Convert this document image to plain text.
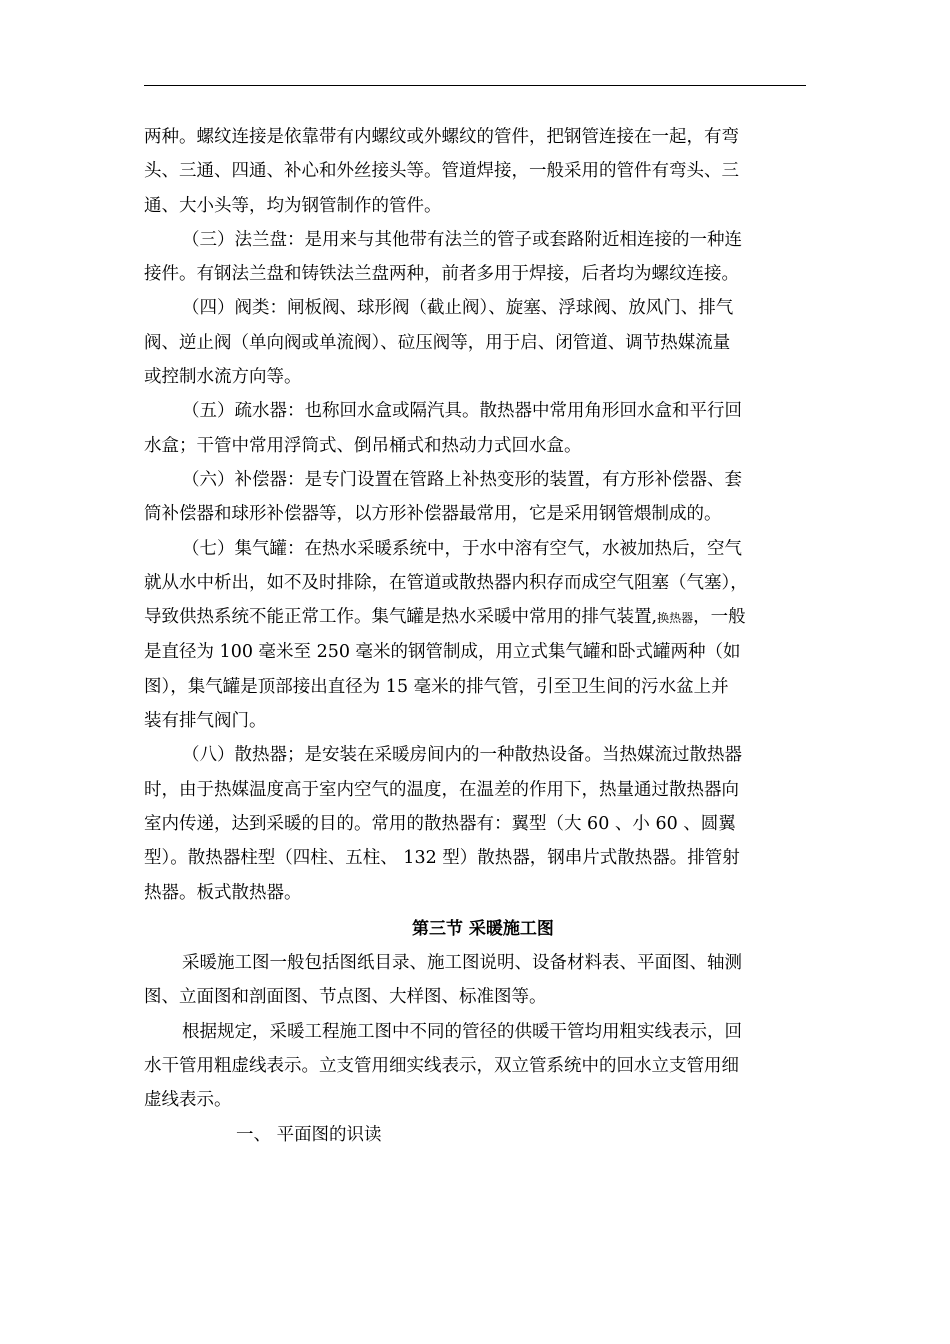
两种。螺纹连接是依靠带有内螺纹或外螺纹的管件，把钢管连接在一起，有弯

头、三通、四通、补心和外丝接头等。管道焊接，一般采用的管件有弯头、三

通、大小头等，均为钢管制作的管件。

（三）法兰盘：是用来与其他带有法兰的管子或套路附近相连接的一种连

接件。有钢法兰盘和铸铁法兰盘两种，前者多用于焊接，后者均为螺纹连接。

（四）阀类：闸板阀、球形阀（截止阀）、旋塞、浮球阀、放风门、排气

阀、逆止阀（单向阀或单流阀）、砬压阀等，用于启、闭管道、调节热媒流量

或控制水流方向等。

（五）疏水器：也称回水盒或隔汽具。散热器中常用角形回水盒和平行回

水盒；干管中常用浮筒式、倒吊桶式和热动力式回水盒。

（六）补偿器：是专门设置在管路上补热变形的装置，有方形补偿器、套

筒补偿器和球形补偿器等，以方形补偿器最常用，它是采用钢管煨制成的。

（七）集气罐：在热水采暖系统中，于水中溶有空气，水被加热后，空气

就从水中析出，如不及时排除，在管道或散热器内积存而成空气阻塞（气塞），

导致供热系统不能正常工作。集气罐是热水采暖中常用的排气装置,换热器，一般

是直径为 100 毫米至 250 毫米的钢管制成，用立式集气罐和卧式罐两种（如

图），集气罐是顶部接出直径为 15 毫米的排气管，引至卫生间的污水盆上并

装有排气阀门。

（八）散热器；是安装在采暖房间内的一种散热设备。当热媒流过散热器

时，由于热媒温度高于室内空气的温度，在温差的作用下，热量通过散热器向

室内传递，达到采暖的目的。常用的散热器有：翼型（大 60 、小 60 、圆翼

型）。散热器柱型（四柱、五柱、 132 型）散热器，钢串片式散热器。排管射

热器。板式散热器。

第三节 采暖施工图

采暖施工图一般包括图纸目录、施工图说明、设备材料表、平面图、轴测

图、立面图和剖面图、节点图、大样图、标准图等。

根据规定，采暖工程施工图中不同的管径的供暖干管均用粗实线表示，回

水干管用粗虚线表示。立支管用细实线表示，双立管系统中的回水立支管用细

虚线表示。

一、 平面图的识读
